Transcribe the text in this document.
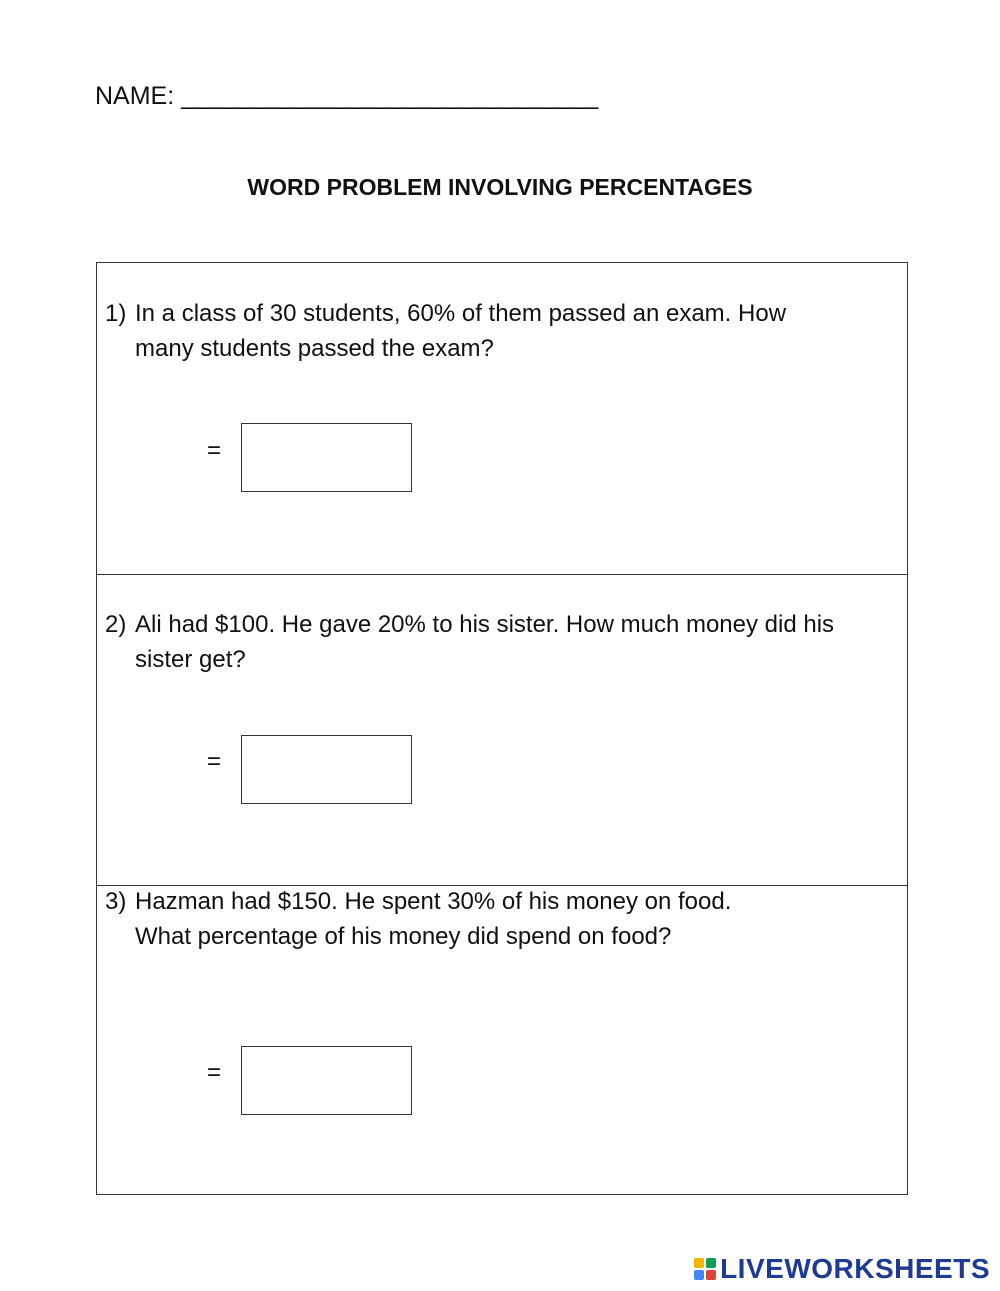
NAME: ______________________________
WORD PROBLEM INVOLVING PERCENTAGES
1) In a class of 30 students, 60% of them passed an exam. How
many students passed the exam?
=
2) Ali had $100. He gave 20% to his sister. How much money did his
sister get?
=
3) Hazman had $150. He spent 30% of his money on food.
What percentage of his money did spend on food?
=
LIVEWORKSHEETS
